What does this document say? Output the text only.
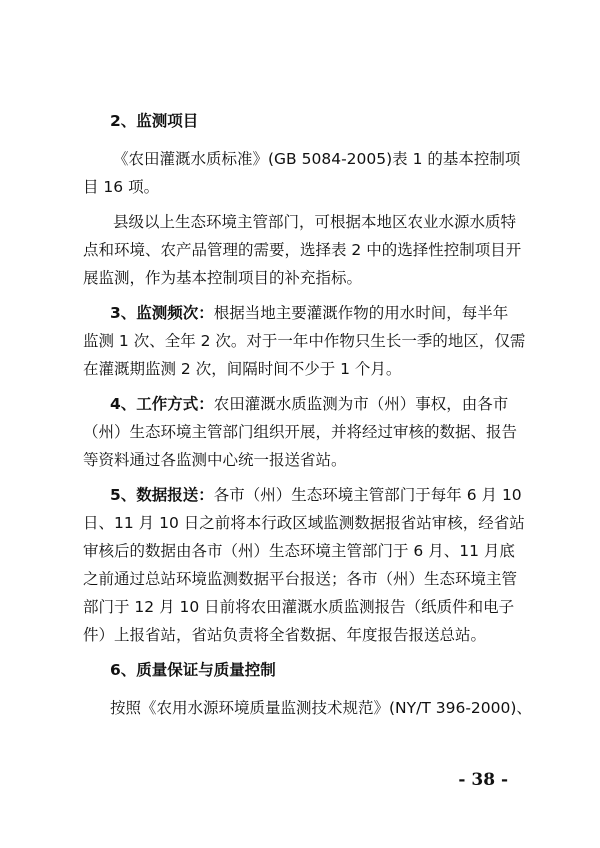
2、监测项目
《农田灌溉水质标准》(GB 5084-2005)表 1 的基本控制项
目 16 项。
县级以上生态环境主管部门，可根据本地区农业水源水质特
点和环境、农产品管理的需要，选择表 2 中的选择性控制项目开
展监测，作为基本控制项目的补充指标。
3、监测频次：根据当地主要灌溉作物的用水时间，每半年
监测 1 次、全年 2 次。对于一年中作物只生长一季的地区，仅需
在灌溉期监测 2 次，间隔时间不少于 1 个月。
4、工作方式：农田灌溉水质监测为市（州）事权，由各市
（州）生态环境主管部门组织开展，并将经过审核的数据、报告
等资料通过各监测中心统一报送省站。
5、数据报送：各市（州）生态环境主管部门于每年 6 月 10
日、11 月 10 日之前将本行政区域监测数据报省站审核，经省站
审核后的数据由各市（州）生态环境主管部门于 6 月、11 月底
之前通过总站环境监测数据平台报送；各市（州）生态环境主管
部门于 12 月 10 日前将农田灌溉水质监测报告（纸质件和电子
件）上报省站，省站负责将全省数据、年度报告报送总站。
6、质量保证与质量控制
按照《农用水源环境质量监测技术规范》(NY/T 396-2000)、
- 38 -
